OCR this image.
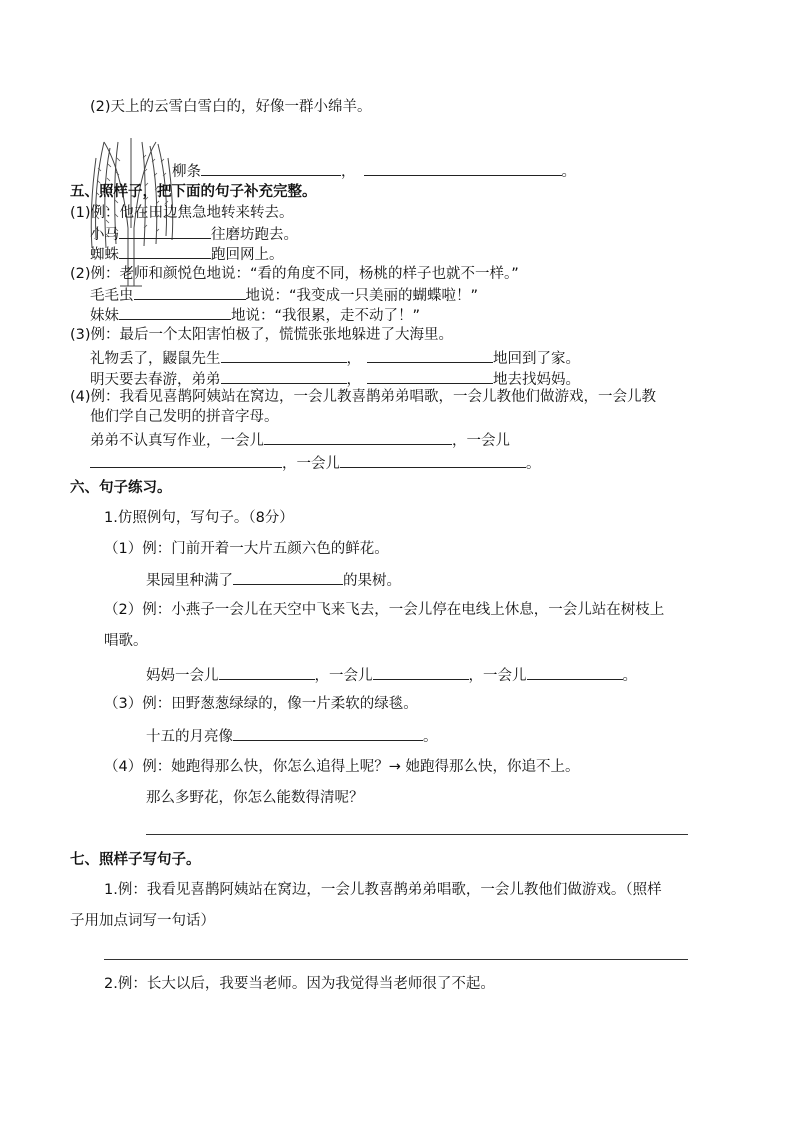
(2)天上的云雪白雪白的，好像一群小绵羊。
柳条	，	。
五、照样子，把下面的句子补充完整。
(1)例：他在田边焦急地转来转去。
小马	往磨坊跑去。
蜘蛛	跑回网上。
(2)例：老师和颜悦色地说：“看的角度不同，杨桃的样子也就不一样。”
毛毛虫	地说：“我变成一只美丽的蝴蝶啦！”
妹妹	地说：“我很累，走不动了！”
(3)例：最后一个太阳害怕极了，慌慌张张地躲进了大海里。
礼物丢了，鼹鼠先生	，	地回到了家。
明天要去春游，弟弟	，	地去找妈妈。
(4)例：我看见喜鹊阿姨站在窝边，一会儿教喜鹊弟弟唱歌，一会儿教他们做游戏，一会儿教
他们学自己发明的拼音字母。
弟弟不认真写作业，一会儿	，一会儿
，一会儿	。
六、句子练习。
1.仿照例句，写句子。（8分）
（1）例：门前开着一大片五颜六色的鲜花。
果园里种满了	的果树。
（2）例：小燕子一会儿在天空中飞来飞去，一会儿停在电线上休息，一会儿站在树枝上
唱歌。
妈妈一会儿	，一会儿	，一会儿	。
（3）例：田野葱葱绿绿的，像一片柔软的绿毯。
十五的月亮像	。
（4）例：她跑得那么快，你怎么追得上呢？→ 她跑得那么快，你追不上。
那么多野花，你怎么能数得清呢？
七、照样子写句子。
1.例：我看见喜鹊阿姨站在窝边，一会儿教喜鹊弟弟唱歌，一会儿教他们做游戏。（照样
子用加点词写一句话）
2.例：长大以后，我要当老师。因为我觉得当老师很了不起。
